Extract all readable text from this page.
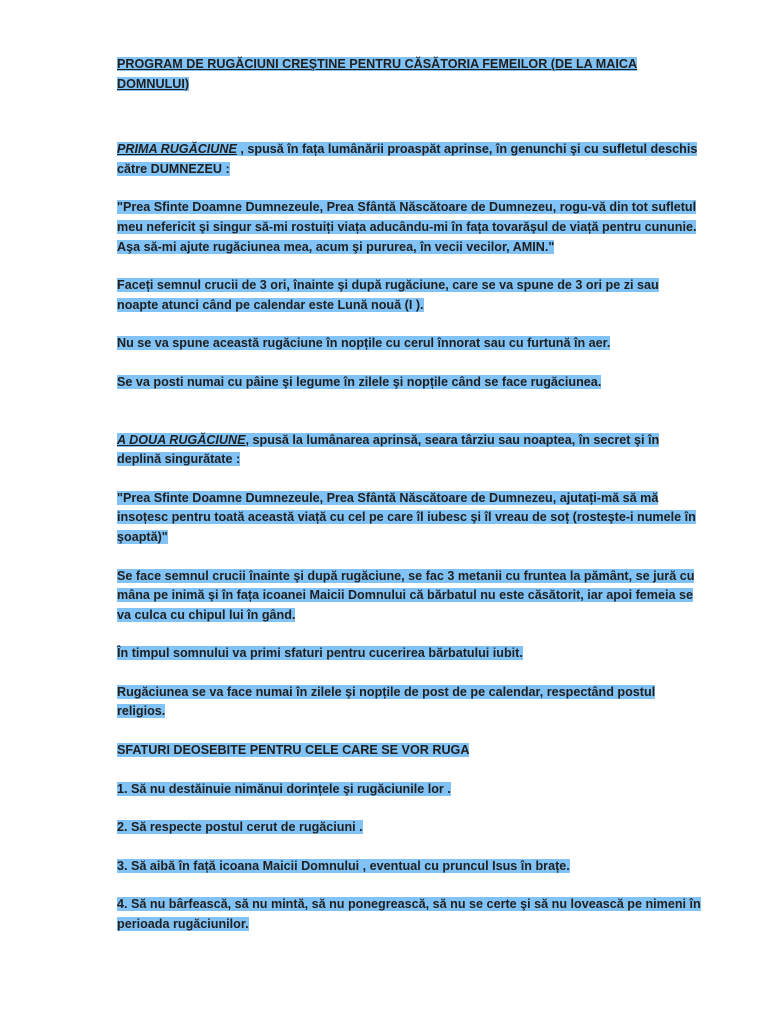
PROGRAM DE RUGĂCIUNI CREŞTINE PENTRU CĂSĂTORIA FEMEILOR (DE LA MAICA DOMNULUI)

PRIMA RUGĂCIUNE , spusă în fața lumânării proaspăt aprinse, în genunchi şi cu sufletul deschis către DUMNEZEU :

"Prea Sfinte Doamne Dumnezeule, Prea Sfântă Născătoare de Dumnezeu, rogu-vă din tot sufletul meu nefericit şi singur să-mi rostuiți viața aducându-mi în fața tovarăşul de viață pentru cununie. Aşa să-mi ajute rugăciunea mea, acum şi pururea, în vecii vecilor, AMIN."

Faceți semnul crucii de 3 ori, înainte şi după rugăciune, care se va spune de 3 ori pe zi sau noapte atunci când pe calendar este Lună nouă (I ).

Nu se va spune această rugăciune în nopțile cu cerul înnorat sau cu furtună în aer.

Se va posti numai cu pâine şi legume în zilele şi nopțile când se face rugăciunea.

A DOUA RUGĂCIUNE, spusă la lumânarea aprinsă, seara târziu sau noaptea, în secret şi în deplină singurătate :

"Prea Sfinte Doamne Dumnezeule, Prea Sfântă Născătoare de Dumnezeu, ajutați-mă să mă insoțesc pentru toată această viață cu cel pe care îl iubesc şi îl vreau de soț (rosteşte-i numele în şoaptă)"

Se face semnul crucii înainte şi după rugăciune, se fac 3 metanii cu fruntea la pământ, se jură cu mâna pe inimă şi în fața icoanei Maicii Domnului că bărbatul nu este căsătorit, iar apoi femeia se va culca cu chipul lui în gând.

În timpul somnului va primi sfaturi pentru cucerirea bărbatului iubit.

Rugăciunea se va face numai în zilele şi nopțile de post de pe calendar, respectând postul religios.

SFATURI DEOSEBITE PENTRU CELE CARE SE VOR RUGA

1. Să nu destăinuie nimănui dorințele şi rugăciunile lor .

2. Să respecte postul cerut de rugăciuni .

3. Să aibă în față icoana Maicii Domnului , eventual cu pruncul Isus în brațe.

4. Să nu bârfească, să nu mintă, să nu ponegrească, să nu se certe şi să nu lovească pe nimeni în perioada rugăciunilor.
